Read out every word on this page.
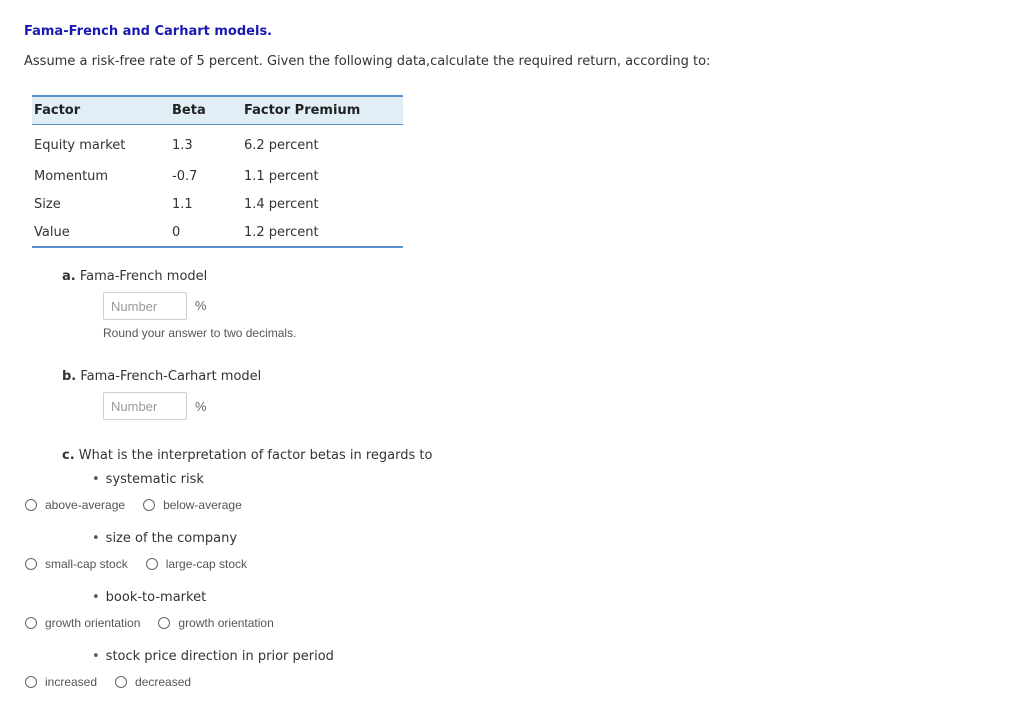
Fama-French and Carhart models.
Assume a risk-free rate of 5 percent. Given the following data,calculate the required return, according to:
Factor	Beta	Factor Premium
Equity market	1.3	6.2 percent
Momentum	-0.7	1.1 percent
Size	1.1	1.4 percent
Value	0	1.2 percent
a. Fama-French model
Number
%
Round your answer to two decimals.
b. Fama-French-Carhart model
Number
%
c. What is the interpretation of factor betas in regards to
• systematic risk
above-average	below-average
• size of the company
small-cap stock	large-cap stock
• book-to-market
growth orientation	growth orientation
• stock price direction in prior period
increased	decreased
